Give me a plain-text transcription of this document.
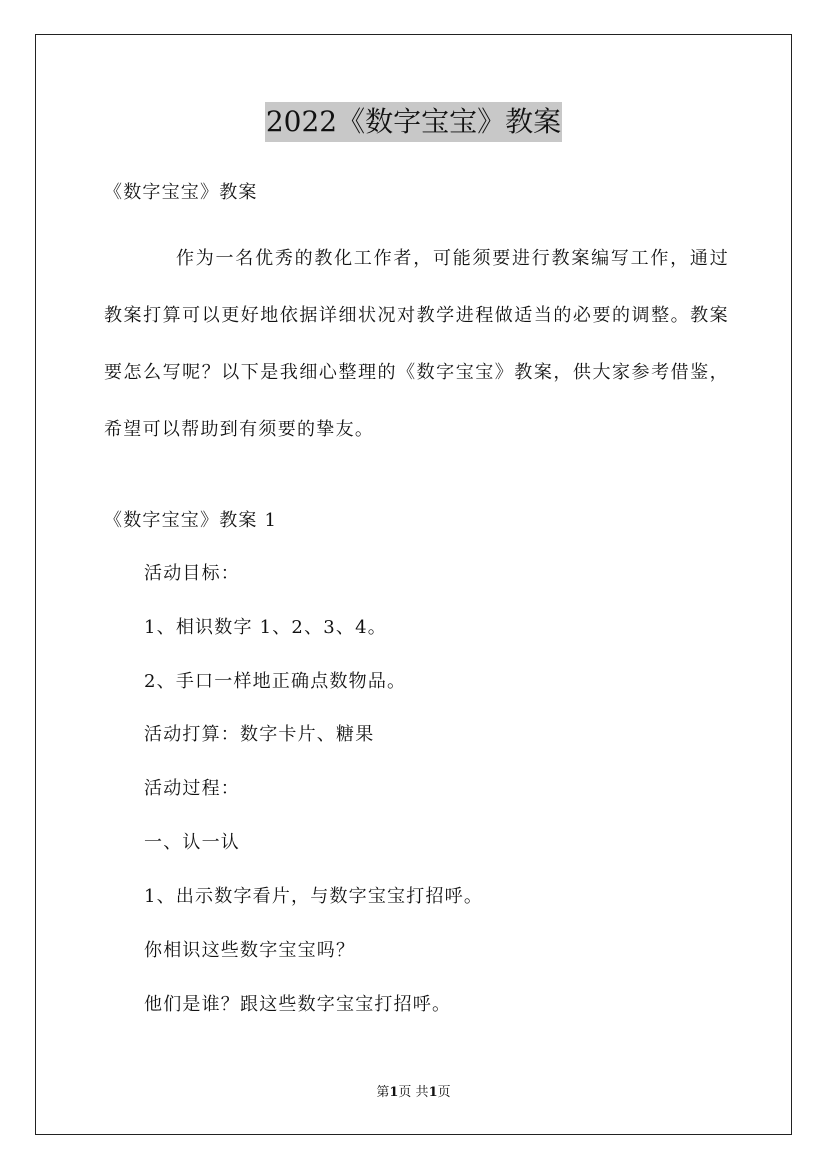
2022《数字宝宝》教案
《数字宝宝》教案

作为一名优秀的教化工作者，可能须要进行教案编写工作，通过教案打算可以更好地依据详细状况对教学进程做适当的必要的调整。教案要怎么写呢？以下是我细心整理的《数字宝宝》教案，供大家参考借鉴，希望可以帮助到有须要的挚友。

《数字宝宝》教案 1
活动目标：
1、相识数字 1、2、3、4。
2、手口一样地正确点数物品。
活动打算：数字卡片、糖果
活动过程：
一、认一认
1、出示数字看片，与数字宝宝打招呼。
你相识这些数字宝宝吗？
他们是谁？跟这些数字宝宝打招呼。
第1页 共1页
